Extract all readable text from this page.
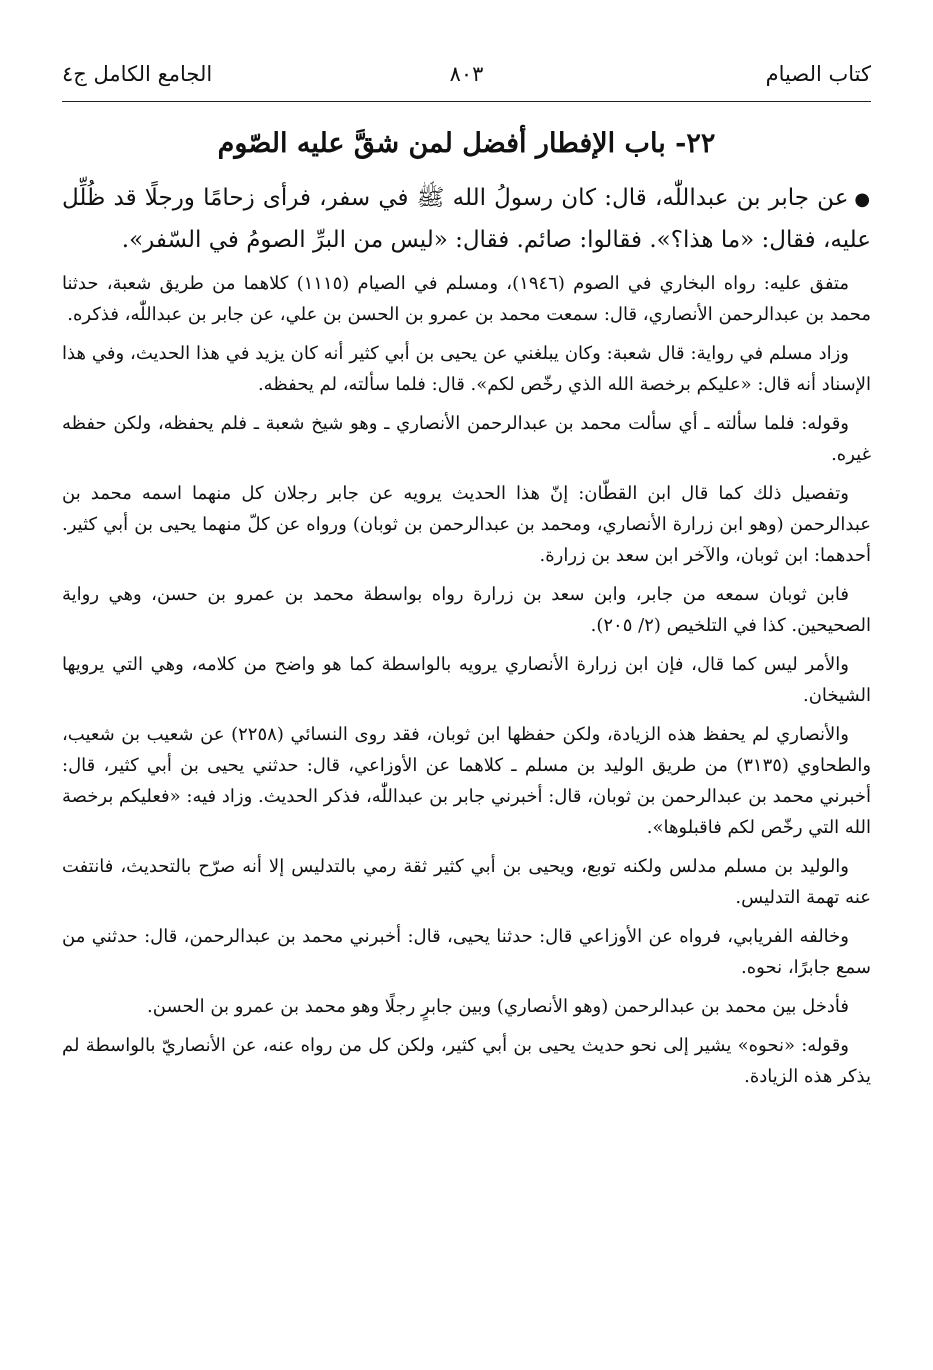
كتاب الصيام
٨٠٣
الجامع الكامل ج٤
٢٢- باب الإفطار أفضل لمن شقَّ عليه الصّوم

●عن جابر بن عبداللّٰه، قال: كان رسولُ الله ﷺ في سفر، فرأى زحامًا ورجلًا قد ظُلِّل عليه، فقال: «ما هذا؟». فقالوا: صائم. فقال: «ليس من البرِّ الصومُ في السّفر».

متفق عليه: رواه البخاري في الصوم (١٩٤٦)، ومسلم في الصيام (١١١٥) كلاهما من طريق شعبة، حدثنا محمد بن عبدالرحمن الأنصاري، قال: سمعت محمد بن عمرو بن الحسن بن علي، عن جابر بن عبداللّٰه، فذكره.

وزاد مسلم في رواية: قال شعبة: وكان يبلغني عن يحيى بن أبي كثير أنه كان يزيد في هذا الحديث، وفي هذا الإسناد أنه قال: «عليكم برخصة الله الذي رخّص لكم». قال: فلما سألته، لم يحفظه.

وقوله: فلما سألته ـ أي سألت محمد بن عبدالرحمن الأنصاري ـ وهو شيخ شعبة ـ فلم يحفظه، ولكن حفظه غيره.

وتفصيل ذلك كما قال ابن القطّان: إنّ هذا الحديث يرويه عن جابر رجلان كل منهما اسمه محمد بن عبدالرحمن (وهو ابن زرارة الأنصاري، ومحمد بن عبدالرحمن بن ثوبان) ورواه عن كلّ منهما يحيى بن أبي كثير. أحدهما: ابن ثوبان، والآخر ابن سعد بن زرارة.

فابن ثوبان سمعه من جابر، وابن سعد بن زرارة رواه بواسطة محمد بن عمرو بن حسن، وهي رواية الصحيحين. كذا في التلخيص (٢/ ٢٠٥).

والأمر ليس كما قال، فإن ابن زرارة الأنصاري يرويه بالواسطة كما هو واضح من كلامه، وهي التي يرويها الشيخان.

والأنصاري لم يحفظ هذه الزيادة، ولكن حفظها ابن ثوبان، فقد روى النسائي (٢٢٥٨) عن شعيب بن شعيب، والطحاوي (٣١٣٥) من طريق الوليد بن مسلم ـ كلاهما عن الأوزاعي، قال: حدثني يحيى بن أبي كثير، قال: أخبرني محمد بن عبدالرحمن بن ثوبان، قال: أخبرني جابر بن عبداللّٰه، فذكر الحديث. وزاد فيه: «فعليكم برخصة الله التي رخّص لكم فاقبلوها».

والوليد بن مسلم مدلس ولكنه توبع، ويحيى بن أبي كثير ثقة رمي بالتدليس إلا أنه صرّح بالتحديث، فانتفت عنه تهمة التدليس.

وخالفه الفريابي، فرواه عن الأوزاعي قال: حدثنا يحيى، قال: أخبرني محمد بن عبدالرحمن، قال: حدثني من سمع جابرًا، نحوه.

فأدخل بين محمد بن عبدالرحمن (وهو الأنصاري) وبين جابرٍ رجلًا وهو محمد بن عمرو بن الحسن.

وقوله: «نحوه» يشير إلى نحو حديث يحيى بن أبي كثير، ولكن كل من رواه عنه، عن الأنصاريّ بالواسطة لم يذكر هذه الزيادة.
